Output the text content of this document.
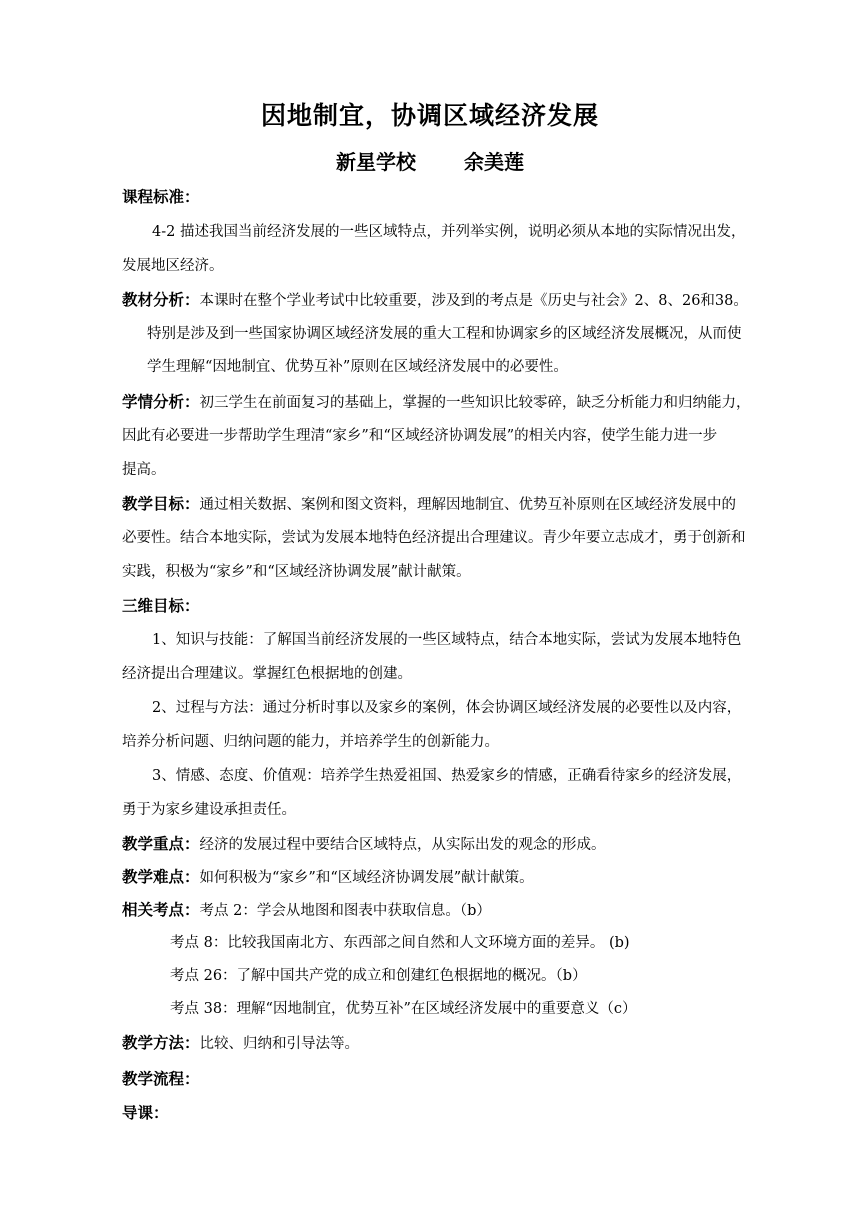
因地制宜，协调区域经济发展
新星学校 余美莲
课程标准：
4-2 描述我国当前经济发展的一些区域特点，并列举实例，说明必须从本地的实际情况出发，
发展地区经济。
教材分析：本课时在整个学业考试中比较重要，涉及到的考点是《历史与社会》2、8、26和38。
特别是涉及到一些国家协调区域经济发展的重大工程和协调家乡的区域经济发展概况，从而使
学生理解“因地制宜、优势互补”原则在区域经济发展中的必要性。
学情分析：初三学生在前面复习的基础上，掌握的一些知识比较零碎，缺乏分析能力和归纳能力，
因此有必要进一步帮助学生理清“家乡”和“区域经济协调发展”的相关内容，使学生能力进一步
提高。
教学目标：通过相关数据、案例和图文资料，理解因地制宜、优势互补原则在区域经济发展中的
必要性。结合本地实际，尝试为发展本地特色经济提出合理建议。青少年要立志成才，勇于创新和
实践，积极为“家乡”和“区域经济协调发展”献计献策。
三维目标：
1、知识与技能：了解国当前经济发展的一些区域特点，结合本地实际，尝试为发展本地特色
经济提出合理建议。掌握红色根据地的创建。
2、过程与方法：通过分析时事以及家乡的案例，体会协调区域经济发展的必要性以及内容，
培养分析问题、归纳问题的能力，并培养学生的创新能力。
3、情感、态度、价值观：培养学生热爱祖国、热爱家乡的情感，正确看待家乡的经济发展，
勇于为家乡建设承担责任。
教学重点：经济的发展过程中要结合区域特点，从实际出发的观念的形成。
教学难点：如何积极为“家乡”和“区域经济协调发展”献计献策。
相关考点：考点 2：学会从地图和图表中获取信息。（b）
考点 8：比较我国南北方、东西部之间自然和人文环境方面的差异。 (b)
考点 26：了解中国共产党的成立和创建红色根据地的概况。（b）
考点 38：理解“因地制宜，优势互补”在区域经济发展中的重要意义（c）
教学方法：比较、归纳和引导法等。
教学流程：
导课：
